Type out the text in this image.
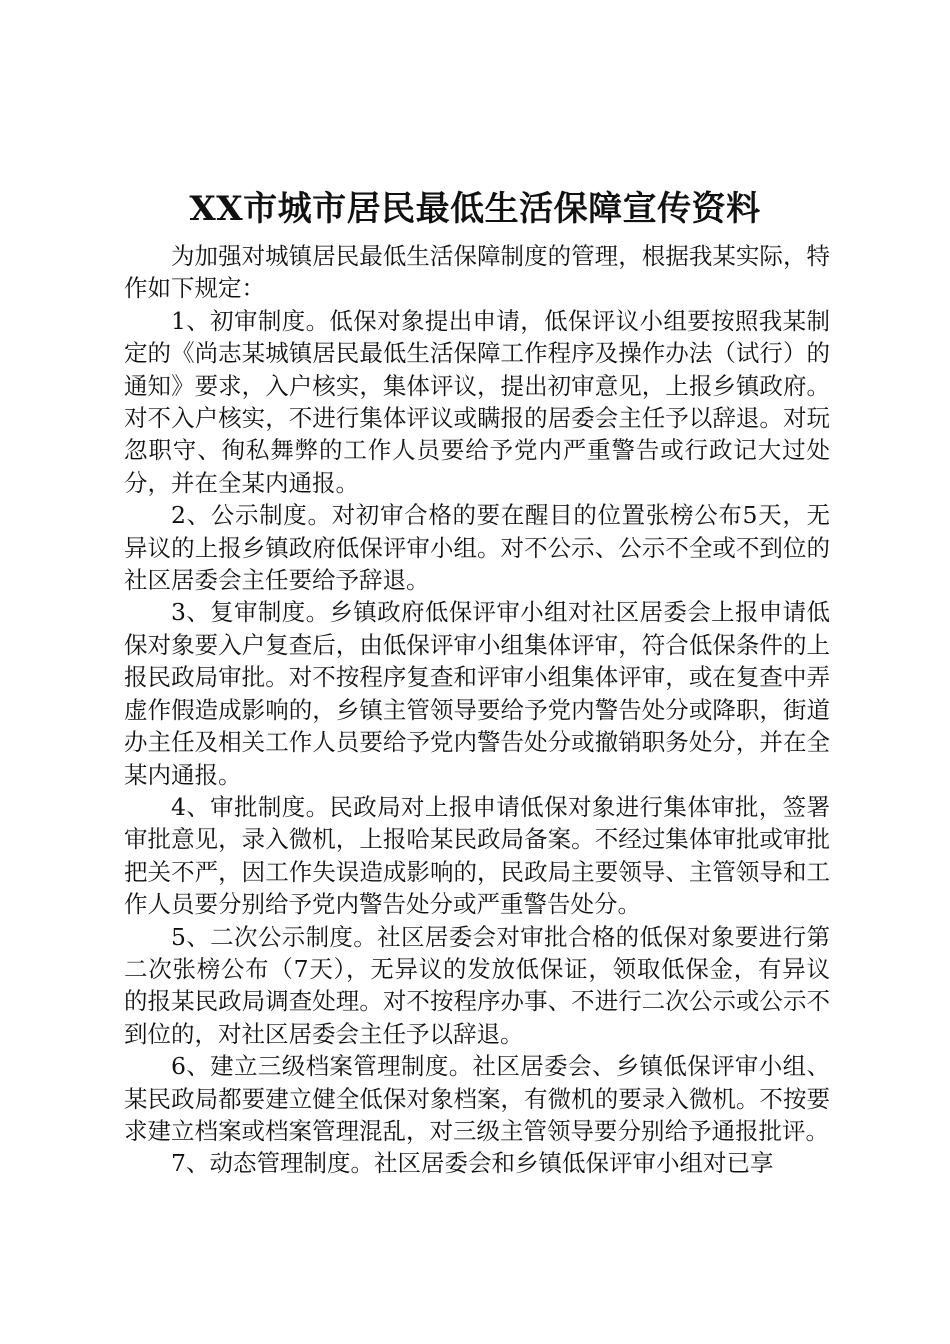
XX市城市居民最低生活保障宣传资料

为加强对城镇居民最低生活保障制度的管理，根据我某实际，特作如下规定：

1、初审制度。低保对象提出申请，低保评议小组要按照我某制定的《尚志某城镇居民最低生活保障工作程序及操作办法（试行）的通知》要求，入户核实，集体评议，提出初审意见，上报乡镇政府。对不入户核实，不进行集体评议或瞒报的居委会主任予以辞退。对玩忽职守、徇私舞弊的工作人员要给予党内严重警告或行政记大过处分，并在全某内通报。

2、公示制度。对初审合格的要在醒目的位置张榜公布5天，无异议的上报乡镇政府低保评审小组。对不公示、公示不全或不到位的社区居委会主任要给予辞退。

3、复审制度。乡镇政府低保评审小组对社区居委会上报申请低保对象要入户复查后，由低保评审小组集体评审，符合低保条件的上报民政局审批。对不按程序复查和评审小组集体评审，或在复查中弄虚作假造成影响的，乡镇主管领导要给予党内警告处分或降职，街道办主任及相关工作人员要给予党内警告处分或撤销职务处分，并在全某内通报。

4、审批制度。民政局对上报申请低保对象进行集体审批，签署审批意见，录入微机，上报哈某民政局备案。不经过集体审批或审批把关不严，因工作失误造成影响的，民政局主要领导、主管领导和工作人员要分别给予党内警告处分或严重警告处分。

5、二次公示制度。社区居委会对审批合格的低保对象要进行第二次张榜公布（7天），无异议的发放低保证，领取低保金，有异议的报某民政局调查处理。对不按程序办事、不进行二次公示或公示不到位的，对社区居委会主任予以辞退。

6、建立三级档案管理制度。社区居委会、乡镇低保评审小组、某民政局都要建立健全低保对象档案，有微机的要录入微机。不按要求建立档案或档案管理混乱，对三级主管领导要分别给予通报批评。

7、动态管理制度。社区居委会和乡镇低保评审小组对已享
